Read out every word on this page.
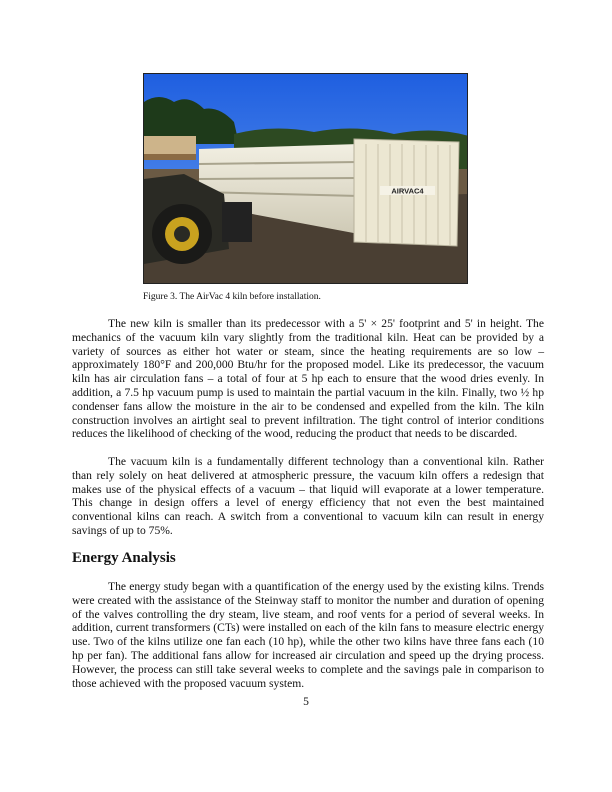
AIRVAC4
Figure 3. The AirVac 4 kiln before installation.

The new kiln is smaller than its predecessor with a 5' × 25' footprint and 5' in height. The mechanics of the vacuum kiln vary slightly from the traditional kiln. Heat can be provided by a variety of sources as either hot water or steam, since the heating requirements are so low – approximately 180°F and 200,000 Btu/hr for the proposed model. Like its predecessor, the vacuum kiln has air circulation fans – a total of four at 5 hp each to ensure that the wood dries evenly. In addition, a 7.5 hp vacuum pump is used to maintain the partial vacuum in the kiln. Finally, two ½ hp condenser fans allow the moisture in the air to be condensed and expelled from the kiln. The kiln construction involves an airtight seal to prevent infiltration. The tight control of interior conditions reduces the likelihood of checking of the wood, reducing the product that needs to be discarded.

The vacuum kiln is a fundamentally different technology than a conventional kiln. Rather than rely solely on heat delivered at atmospheric pressure, the vacuum kiln offers a redesign that makes use of the physical effects of a vacuum – that liquid will evaporate at a lower temperature. This change in design offers a level of energy efficiency that not even the best maintained conventional kilns can reach. A switch from a conventional to vacuum kiln can result in energy savings of up to 75%.

Energy Analysis

The energy study began with a quantification of the energy used by the existing kilns. Trends were created with the assistance of the Steinway staff to monitor the number and duration of opening of the valves controlling the dry steam, live steam, and roof vents for a period of several weeks. In addition, current transformers (CTs) were installed on each of the kiln fans to measure electric energy use. Two of the kilns utilize one fan each (10 hp), while the other two kilns have three fans each (10 hp per fan). The additional fans allow for increased air circulation and speed up the drying process. However, the process can still take several weeks to complete and the savings pale in comparison to those achieved with the proposed vacuum system.

5
